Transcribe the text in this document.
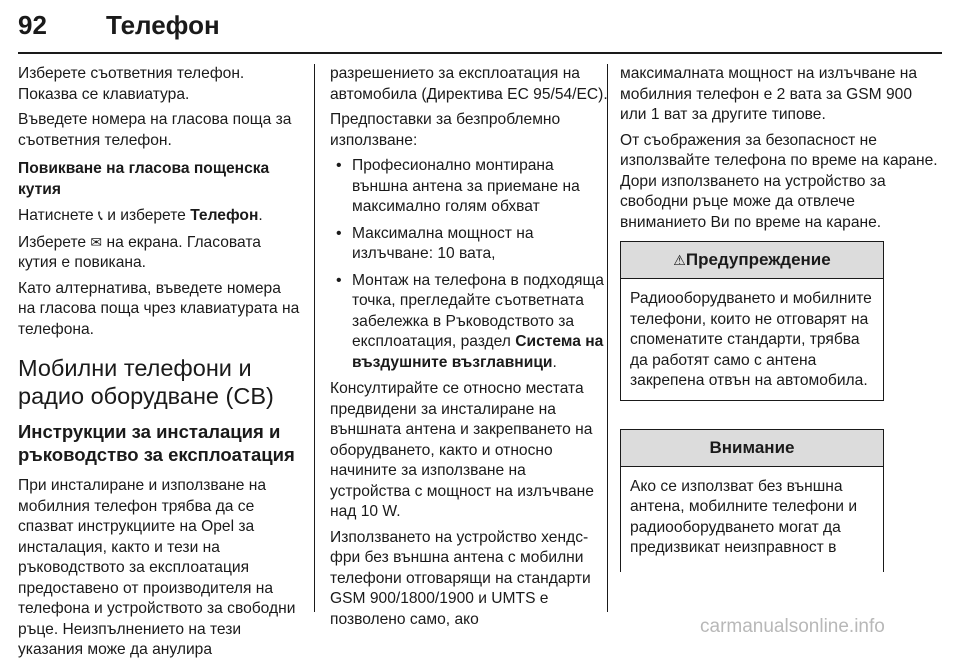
92 Телефон

Изберете съответния телефон. Показва се клавиатура.

Въведете номера на гласова поща за съответния телефон.

Повикване на гласова пощенска кутия

Натиснете 📞︎ и изберете Телефон.

Изберете ✉︎ на екрана. Гласовата кутия е повикана.

Като алтернатива, въведете номера на гласова поща чрез клавиатурата на телефона.

Мобилни телефони и радио оборудване (CB)
Инструкции за инсталация и ръководство за експлоатация

При инсталиране и използване на мобилния телефон трябва да се спазват инструкциите на Opel за инсталация, както и тези на ръководството за експлоатация предоставено от производителя на телефона и устройството за свободни ръце. Неизпълнението на тези указания може да анулира

разрешението за експлоатация на автомобила (Директива ЕС 95/54/ЕС).

Предпоставки за безпроблемно използване:

• Професионално монтирана външна антена за приемане на максимално голям обхват
• Максимална мощност на излъчване: 10 вата,
• Монтаж на телефона в подходяща точка, прегледайте съответната забележка в Ръководството за експлоатация, раздел Система на въздушните възглавници.

Консултирайте се относно местата предвидени за инсталиране на външната антена и закрепването на оборудването, както и относно начините за използване на устройства с мощност на излъчване над 10 W.

Използването на устройство хендс-фри без външна антена с мобилни телефони отговарящи на стандарти GSM 900/1800/1900 и UMTS е позволено само, ако

максималната мощност на излъчване на мобилния телефон е 2 вата за GSM 900 или 1 ват за другите типове.

От съображения за безопасност не използвайте телефона по време на каране. Дори използването на устройство за свободни ръце може да отвлече вниманието Ви по време на каране.

⚠︎Предупреждение
Радиооборудването и мобилните телефони, които не отговарят на споменатите стандарти, трябва да работят само с антена закрепена отвън на автомобила.
Внимание
Ако се използват без външна антена, мобилните телефони и радиооборудването могат да предизвикат неизправност в
carmanualsonline.info
